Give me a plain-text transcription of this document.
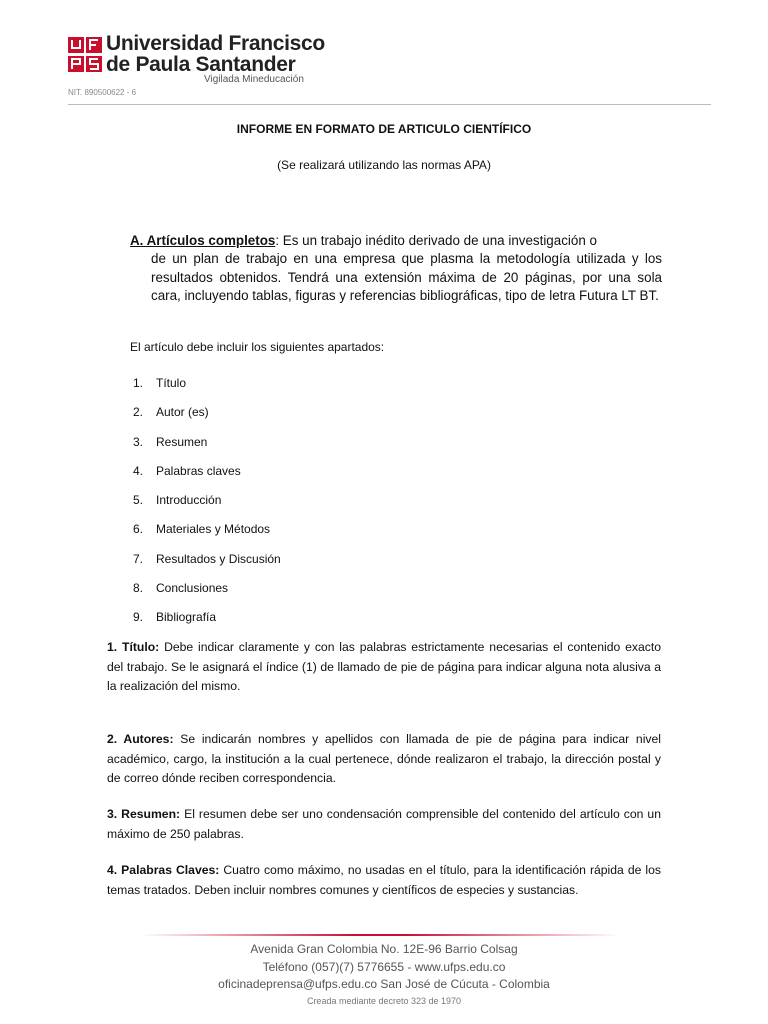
Universidad Francisco
de Paula Santander
Vigilada Mineducación
NIT. 890500622 - 6
INFORME EN FORMATO DE ARTICULO CIENTÍFICO
(Se realizará utilizando las normas APA)
A. Artículos completos: Es un trabajo inédito derivado de una investigación o
de un plan de trabajo en una empresa que plasma la metodología utilizada y los resultados obtenidos. Tendrá una extensión máxima de 20 páginas, por una sola cara, incluyendo tablas, figuras y referencias bibliográficas, tipo de letra Futura LT BT.
El artículo debe incluir los siguientes apartados:
1. Título
2. Autor (es)
3. Resumen
4. Palabras claves
5. Introducción
6. Materiales y Métodos
7. Resultados y Discusión
8. Conclusiones
9. Bibliografía
1. Título: Debe indicar claramente y con las palabras estrictamente necesarias el contenido exacto del trabajo. Se le asignará el índice (1) de llamado de pie de página para indicar alguna nota alusiva a la realización del mismo.
2. Autores: Se indicarán nombres y apellidos con llamada de pie de página para indicar nivel académico, cargo, la institución a la cual pertenece, dónde realizaron el trabajo, la dirección postal y de correo dónde reciben correspondencia.
3. Resumen: El resumen debe ser uno condensación comprensible del contenido del artículo con un máximo de 250 palabras.
4. Palabras Claves: Cuatro como máximo, no usadas en el título, para la identificación rápida de los temas tratados. Deben incluir nombres comunes y científicos de especies y sustancias.
Avenida Gran Colombia No. 12E-96 Barrio Colsag
Teléfono (057)(7) 5776655 - www.ufps.edu.co
oficinadeprensa@ufps.edu.co San José de Cúcuta - Colombia
Creada mediante decreto 323 de 1970
